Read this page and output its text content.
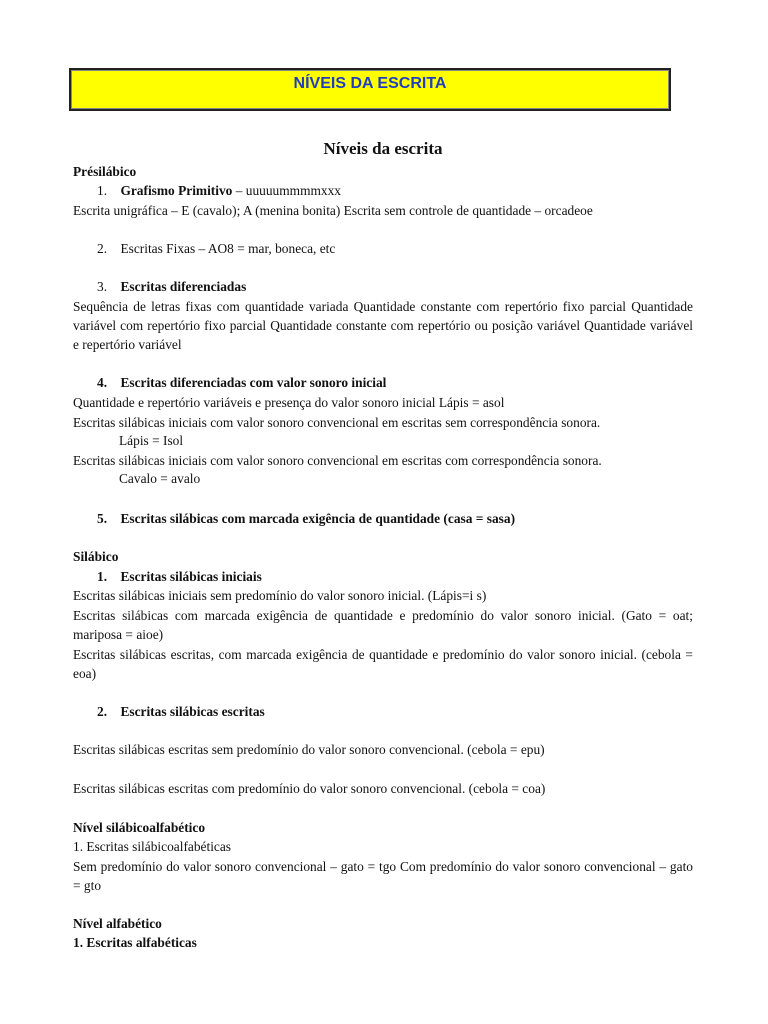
NÍVEIS DA ESCRITA
Níveis da escrita
Présilábico
1. Grafismo Primitivo – uuuuummmmxxx
Escrita unigráfica – E (cavalo); A (menina bonita) Escrita sem controle de quantidade – orcadeoe
2. Escritas Fixas – AO8 = mar, boneca, etc
3. Escritas diferenciadas
Sequência de letras fixas com quantidade variada Quantidade constante com repertório fixo parcial Quantidade variável com repertório fixo parcial Quantidade constante com repertório ou posição variável Quantidade variável e repertório variável
4. Escritas diferenciadas com valor sonoro inicial
Quantidade e repertório variáveis e presença do valor sonoro inicial Lápis = asol
Escritas silábicas iniciais com valor sonoro convencional em escritas sem correspondência sonora.
Lápis = Isol
Escritas silábicas iniciais com valor sonoro convencional em escritas com correspondência sonora.
Cavalo = avalo
5. Escritas silábicas com marcada exigência de quantidade (casa = sasa)
Silábico
1. Escritas silábicas iniciais
Escritas silábicas iniciais sem predomínio do valor sonoro inicial. (Lápis=i s)
Escritas silábicas com marcada exigência de quantidade e predomínio do valor sonoro inicial. (Gato = oat; mariposa = aioe)
Escritas silábicas escritas, com marcada exigência de quantidade e predomínio do valor sonoro inicial. (cebola = eoa)
2. Escritas silábicas escritas
Escritas silábicas escritas sem predomínio do valor sonoro convencional. (cebola = epu)
Escritas silábicas escritas com predomínio do valor sonoro convencional. (cebola = coa)
Nível silábicoalfabético
1. Escritas silábicoalfabéticas
Sem predomínio do valor sonoro convencional – gato = tgo Com predomínio do valor sonoro convencional – gato = gto
Nível alfabético
1. Escritas alfabéticas
